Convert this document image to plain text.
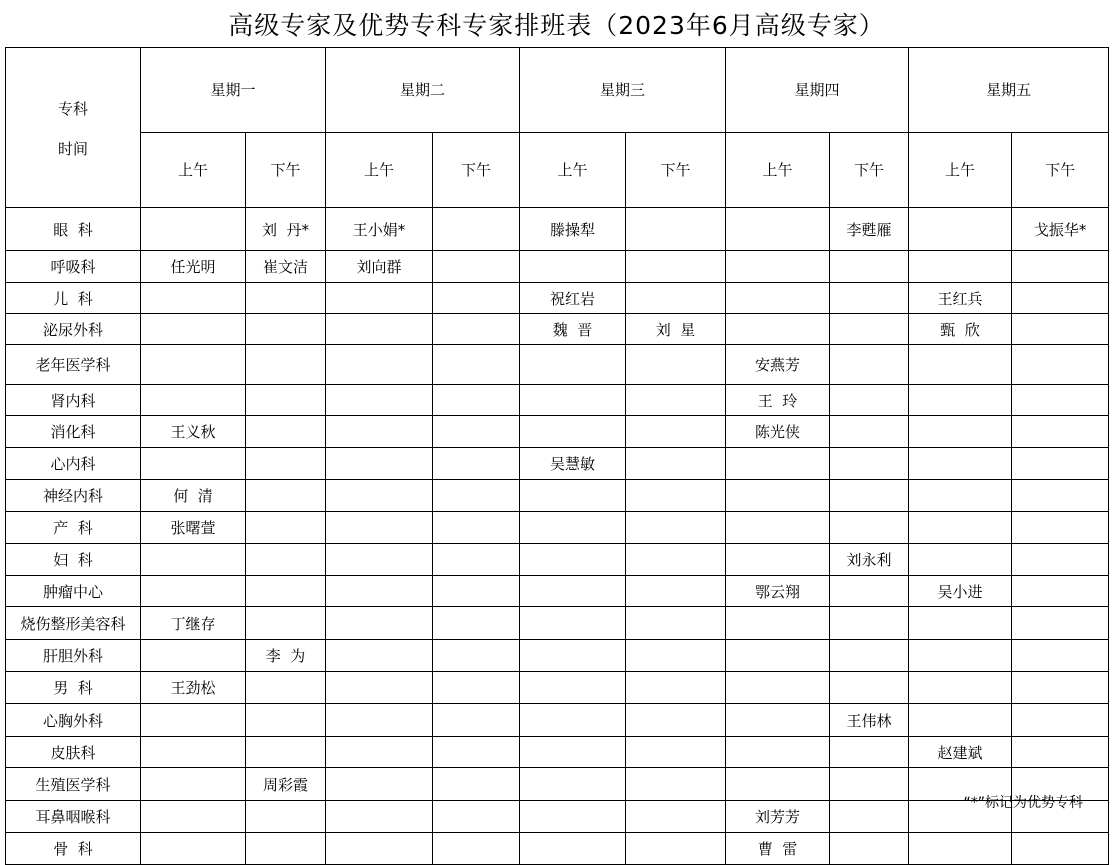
高级专家及优势专科专家排班表（2023年6月高级专家）

专科

时间	星期一		星期二		星期三		星期四		星期五	
	上午	下午	上午	下午	上午	下午	上午	下午	上午	下午
眼  科		刘  丹*	王小娟*		滕操犁			李甦雁		戈振华*
呼吸科	任光明	崔文洁	刘向群							
儿  科					祝红岩				王红兵	
泌尿外科					魏  晋	刘  星			甄  欣	
老年医学科							安燕芳			
肾内科							王  玲			
消化科	王义秋						陈光侠			
心内科					吴慧敏					
神经内科	何  清									
产  科	张曙萱									
妇  科								刘永利		
肿瘤中心							鄂云翔		吴小进	
烧伤整形美容科	丁继存									
肝胆外科		李  为								
男  科	王劲松									
心胸外科								王伟林		
皮肤科									赵建斌	
生殖医学科		周彩霞								
耳鼻咽喉科							刘芳芳			
骨  科							曹  雷			
“*”标记为优势专科
